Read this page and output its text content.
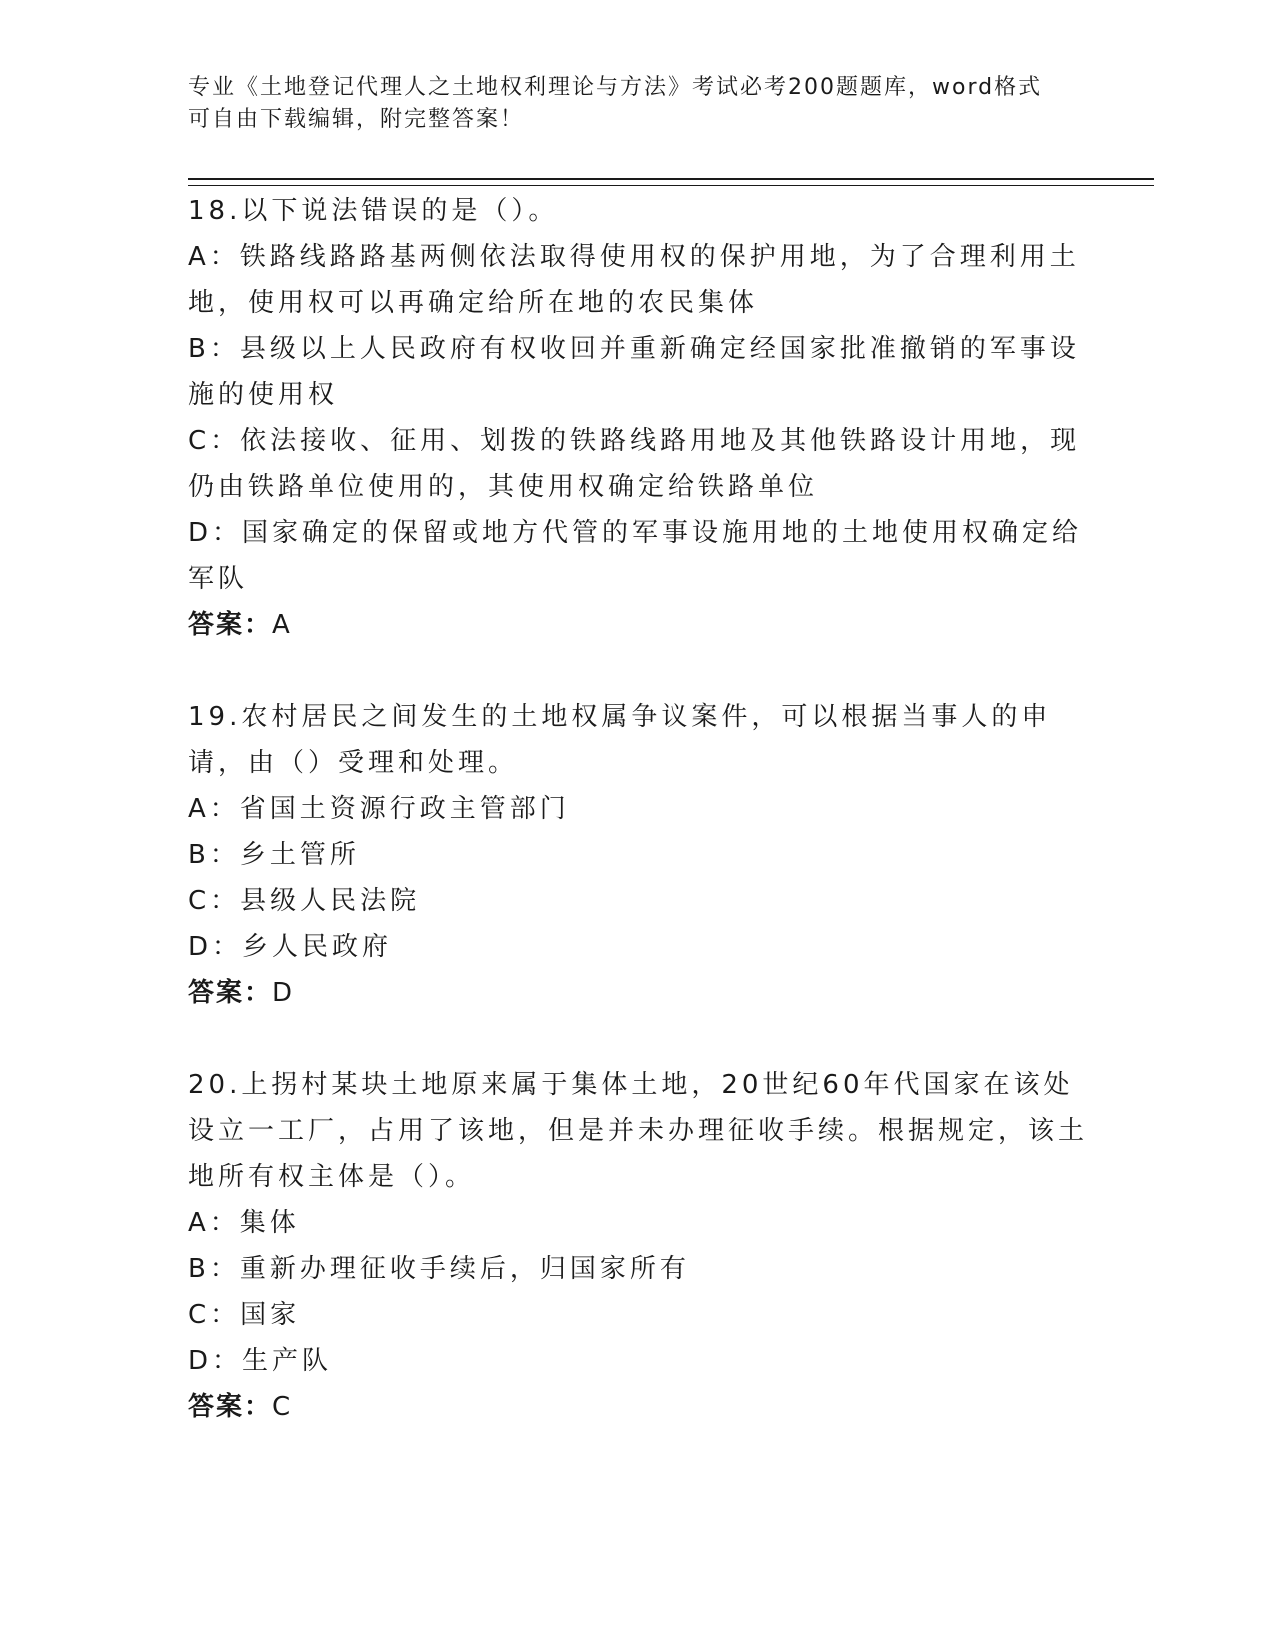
专业《土地登记代理人之土地权利理论与方法》考试必考200题题库，word格式
可自由下载编辑，附完整答案！
18.以下说法错误的是（）。
A：铁路线路路基两侧依法取得使用权的保护用地，为了合理利用土地，使用权可以再确定给所在地的农民集体
B：县级以上人民政府有权收回并重新确定经国家批准撤销的军事设施的使用权
C：依法接收、征用、划拨的铁路线路用地及其他铁路设计用地，现仍由铁路单位使用的，其使用权确定给铁路单位
D：国家确定的保留或地方代管的军事设施用地的土地使用权确定给军队
答案：A
19.农村居民之间发生的土地权属争议案件，可以根据当事人的申请，由（）受理和处理。
A：省国土资源行政主管部门
B：乡土管所
C：县级人民法院
D：乡人民政府
答案：D
20.上拐村某块土地原来属于集体土地，20世纪60年代国家在该处设立一工厂，占用了该地，但是并未办理征收手续。根据规定，该土地所有权主体是（）。
A：集体
B：重新办理征收手续后，归国家所有
C：国家
D：生产队
答案：C
